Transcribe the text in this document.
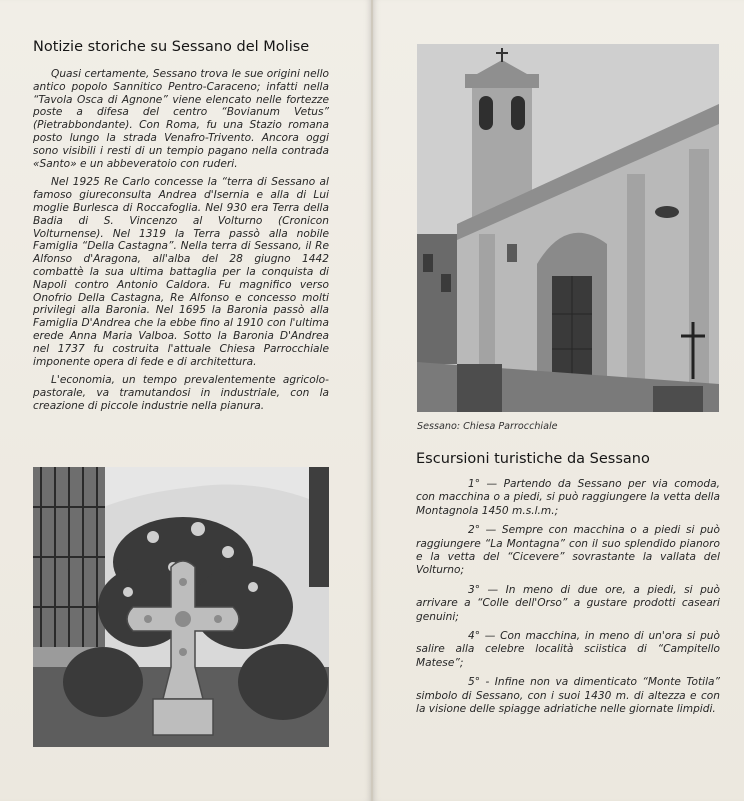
Notizie storiche su Sessano del Molise

Quasi certamente, Sessano trova le sue origini nello antico popolo Sannitico Pentro-Caraceno; infatti nella “Tavola Osca di Agnone” viene elencato nelle fortezze poste a difesa del centro “Bovianum Vetus” (Pietrabbondante). Con Roma, fu una Stazio romana posto lungo la strada Venafro-Trivento. Ancora oggi sono visibili i resti di un tempio pagano nella contrada «Santo» e un abbeveratoio con ruderi.

Nel 1925 Re Carlo concesse la “terra di Sessano al famoso giureconsulta Andrea d'Isernia e alla di Lui moglie Burlesca di Roccafoglia. Nel 930 era Terra della Badia di S. Vincenzo al Volturno (Cronicon Volturnense). Nel 1319 la Terra passò alla nobile Famiglia “Della Castagna”. Nella terra di Sessano, il Re Alfonso d'Aragona, all'alba del 28 giugno 1442 combattè la sua ultima battaglia per la conquista di Napoli contro Antonio Caldora. Fu magnifico verso Onofrio Della Castagna, Re Alfonso e concesso molti privilegi alla Baronia. Nel 1695 la Baronia passò alla Famiglia D'Andrea che la ebbe fino al 1910 con l'ultima erede Anna Maria Valboa. Sotto la Baronia D'Andrea nel 1737 fu costruita l'attuale Chiesa Parrocchiale imponente opera di fede e di architettura.

L'economia, un tempo prevalentemente agricolo-pastorale, va tramutandosi in industriale, con la creazione di piccole industrie nella pianura.

Sessano: Chiesa Parrocchiale
Escursioni turistiche da Sessano
1° — Partendo da Sessano per via comoda, con macchina o a piedi, si può raggiungere la vetta della Montagnola 1450 m.s.l.m.;
2° — Sempre con macchina o a piedi si può raggiungere “La Montagna” con il suo splendido pianoro e la vetta del “Cicevere” sovrastante la vallata del Volturno;
3° — In meno di due ore, a piedi, si può arrivare a “Colle dell'Orso” a gustare prodotti caseari genuini;
4° — Con macchina, in meno di un'ora si può salire alla celebre località sciistica di “Campitello Matese”;
5° - Infine non va dimenticato “Monte Totila” simbolo di Sessano, con i suoi 1430 m. di altezza e con la visione delle spiagge adriatiche nelle giornate limpidi.
